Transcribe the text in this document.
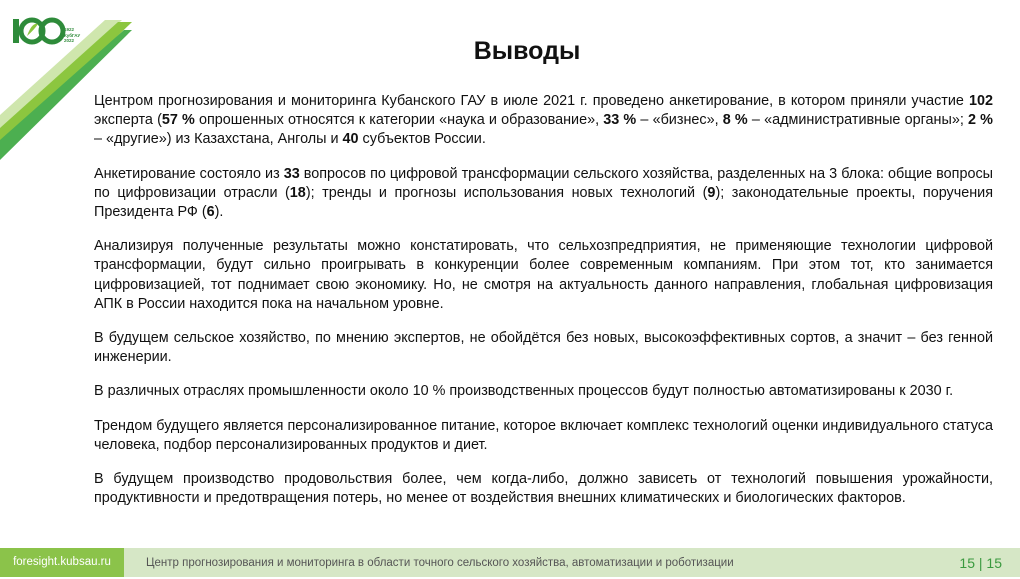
1922
КубГАУ
2022	Выводы

Центром прогнозирования и мониторинга Кубанского ГАУ в июле 2021 г. проведено анкетирование, в котором приняли участие 102 эксперта (57 % опрошенных относятся к категории «наука и образование», 33 % – «бизнес», 8 % – «административные органы»; 2 % – «другие») из Казахстана, Анголы и 40 субъектов России.

Анкетирование состояло из 33 вопросов по цифровой трансформации сельского хозяйства, разделенных на 3 блока: общие вопросы по цифровизации отрасли (18); тренды и прогнозы использования новых технологий (9); законодательные проекты, поручения Президента РФ (6).

Анализируя полученные результаты можно констатировать, что сельхозпредприятия, не применяющие технологии цифровой трансформации, будут сильно проигрывать в конкуренции более современным компаниям. При этом тот, кто занимается цифровизацией, тот поднимает свою экономику. Но, не смотря на актуальность данного направления, глобальная цифровизация АПК в России находится пока на начальном уровне.

В будущем сельское хозяйство, по мнению экспертов, не обойдётся без новых, высокоэффективных сортов, а значит – без генной инженерии.

В различных отраслях промышленности около 10 % производственных процессов будут полностью автоматизированы к 2030 г.

Трендом будущего является персонализированное питание, которое включает комплекс технологий оценки индивидуального статуса человека, подбор персонализированных продуктов и диет.

В будущем производство продовольствия более, чем когда-либо, должно зависеть от технологий повышения урожайности, продуктивности и предотвращения потерь, но менее от воздействия внешних климатических и биологических факторов.

foresight.kubsau.ru	Центр прогнозирования и мониторинга в области точного сельского хозяйства, автоматизации и роботизации	15 | 15
